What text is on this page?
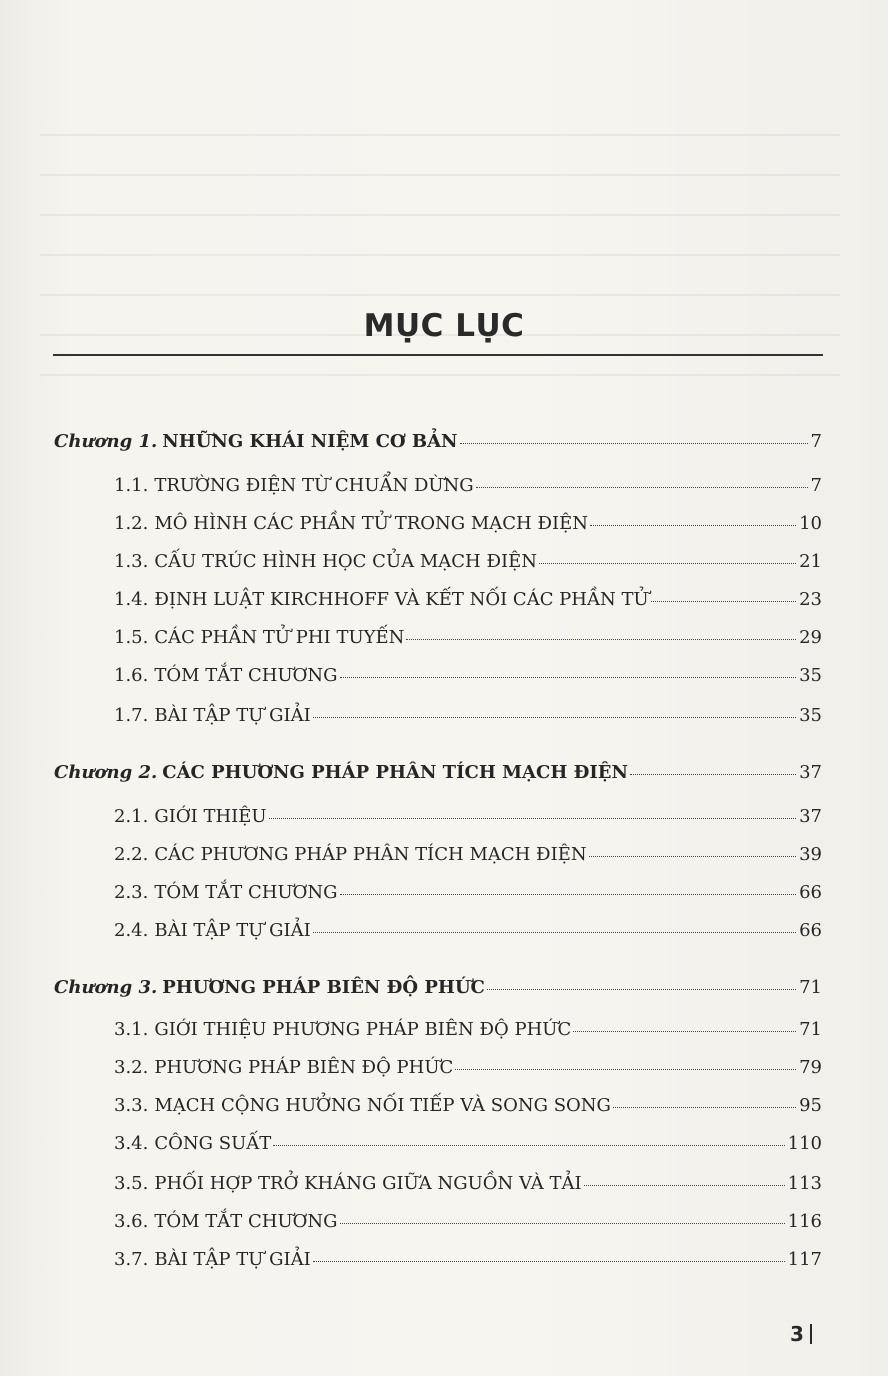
MỤC LỤC
Chương 1. NHỮNG KHÁI NIỆM CƠ BẢN	7
1.1. TRƯỜNG ĐIỆN TỪ CHUẨN DỪNG	7
1.2. MÔ HÌNH CÁC PHẦN TỬ TRONG MẠCH ĐIỆN	10
1.3. CẤU TRÚC HÌNH HỌC CỦA MẠCH ĐIỆN	21
1.4. ĐỊNH LUẬT KIRCHHOFF VÀ KẾT NỐI CÁC PHẦN TỬ	23
1.5. CÁC PHẦN TỬ PHI TUYẾN	29
1.6. TÓM TẮT CHƯƠNG	35
1.7. BÀI TẬP TỰ GIẢI	35
Chương 2. CÁC PHƯƠNG PHÁP PHÂN TÍCH MẠCH ĐIỆN	37
2.1. GIỚI THIỆU	37
2.2. CÁC PHƯƠNG PHÁP PHÂN TÍCH MẠCH ĐIỆN	39
2.3. TÓM TẮT CHƯƠNG	66
2.4. BÀI TẬP TỰ GIẢI	66
Chương 3. PHƯƠNG PHÁP BIÊN ĐỘ PHỨC	71
3.1. GIỚI THIỆU PHƯƠNG PHÁP BIÊN ĐỘ PHỨC	71
3.2. PHƯƠNG PHÁP BIÊN ĐỘ PHỨC	79
3.3. MẠCH CỘNG HƯỞNG NỐI TIẾP VÀ SONG SONG	95
3.4. CÔNG SUẤT	110
3.5. PHỐI HỢP TRỞ KHÁNG GIỮA NGUỒN VÀ TẢI	113
3.6. TÓM TẮT CHƯƠNG	116
3.7. BÀI TẬP TỰ GIẢI	117
3
